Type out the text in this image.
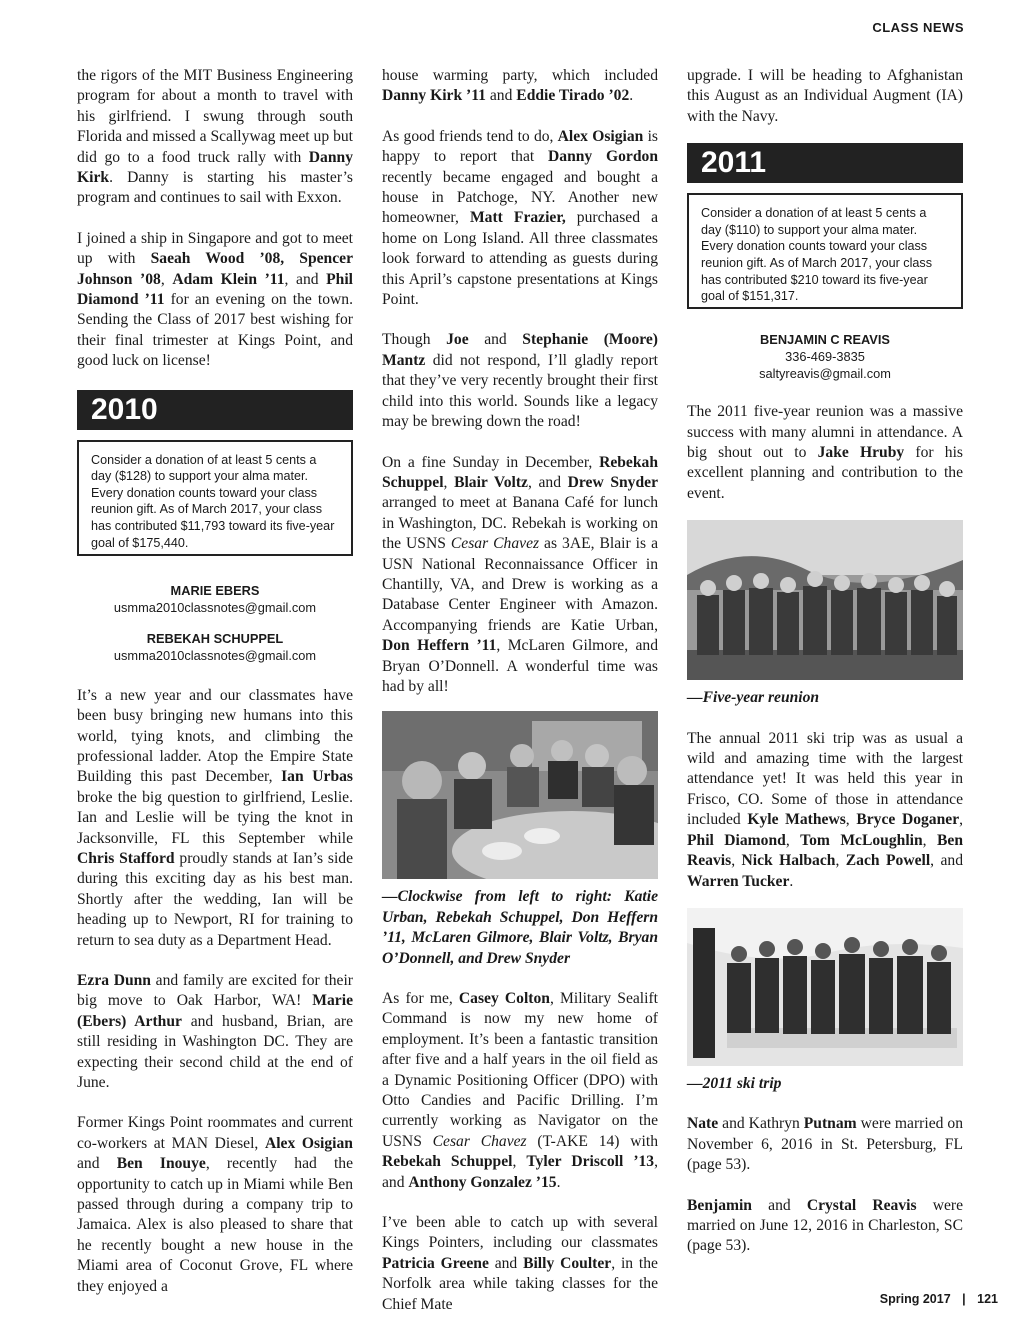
CLASS NEWS

the rigors of the MIT Business Engineering program for about a month to travel with his girlfriend. I swung through south Florida and missed a Scallywag meet up but did go to a food truck rally with Danny Kirk. Danny is starting his master’s program and continues to sail with Exxon.

I joined a ship in Singapore and got to meet up with Saeah Wood ’08, Spencer Johnson ’08, Adam Klein ’11, and Phil Diamond ’11 for an evening on the town. Sending the Class of 2017 best wishing for their final trimester at Kings Point, and good luck on license!

2010
Consider a donation of at least 5 cents a day ($128) to support your alma mater. Every donation counts toward your class reunion gift. As of March 2017, your class has contributed $11,793 toward its five-year goal of $175,440.
MARIE EBERS
usmma2010classnotes@gmail.com
REBEKAH SCHUPPEL
usmma2010classnotes@gmail.com

It’s a new year and our classmates have been busy bringing new humans into this world, tying knots, and climbing the professional ladder. Atop the Empire State Building this past December, Ian Urbas broke the big question to girlfriend, Leslie. Ian and Leslie will be tying the knot in Jacksonville, FL this September while Chris Stafford proudly stands at Ian’s side during this exciting day as his best man. Shortly after the wedding, Ian will be heading up to Newport, RI for training to return to sea duty as a Department Head.

Ezra Dunn and family are excited for their big move to Oak Harbor, WA! Marie (Ebers) Arthur and husband, Brian, are still residing in Washington DC. They are expecting their second child at the end of June.

Former Kings Point roommates and current co-workers at MAN Diesel, Alex Osigian and Ben Inouye, recently had the opportunity to catch up in Miami while Ben passed through during a company trip to Jamaica. Alex is also pleased to share that he recently bought a new house in the Miami area of Coconut Grove, FL where they enjoyed a

house warming party, which included Danny Kirk ’11 and Eddie Tirado ’02.

As good friends tend to do, Alex Osigian is happy to report that Danny Gordon recently became engaged and bought a house in Patchoge, NY. Another new homeowner, Matt Frazier, purchased a home on Long Island. All three classmates look forward to attending as guests during this April’s capstone presentations at Kings Point.

Though Joe and Stephanie (Moore) Mantz did not respond, I’ll gladly report that they’ve very recently brought their first child into this world. Sounds like a legacy may be brewing down the road!

On a fine Sunday in December, Rebekah Schuppel, Blair Voltz, and Drew Snyder arranged to meet at Banana Café for lunch in Washington, DC. Rebekah is working on the USNS Cesar Chavez as 3AE, Blair is a USN National Reconnaissance Officer in Chantilly, VA, and Drew is working as a Database Center Engineer with Amazon. Accompanying friends are Katie Urban, Don Heffern ’11, McLaren Gilmore, and Bryan O’Donnell. A wonderful time was had by all!

—Clockwise from left to right: Katie Urban, Rebekah Schuppel, Don Heffern ’11, McLaren Gilmore, Blair Voltz, Bryan O’Donnell, and Drew Snyder

As for me, Casey Colton, Military Sealift Command is now my new home of employment. It’s been a fantastic transition after five and a half years in the oil field as a Dynamic Positioning Officer (DPO) with Otto Candies and Pacific Drilling. I’m currently working as Navigator on the USNS Cesar Chavez (T-AKE 14) with Rebekah Schuppel, Tyler Driscoll ’13, and Anthony Gonzalez ’15.

I’ve been able to catch up with several Kings Pointers, including our classmates Patricia Greene and Billy Coulter, in the Norfolk area while taking classes for the Chief Mate

upgrade. I will be heading to Afghanistan this August as an Individual Augment (IA) with the Navy.

2011
Consider a donation of at least 5 cents a day ($110) to support your alma mater. Every donation counts toward your class reunion gift. As of March 2017, your class has contributed $210 toward its five-year goal of $151,317.
BENJAMIN C REAVIS
336-469-3835
saltyreavis@gmail.com

The 2011 five-year reunion was a massive success with many alumni in attendance. A big shout out to Jake Hruby for his excellent planning and contribution to the event.

—Five-year reunion

The annual 2011 ski trip was as usual a wild and amazing time with the largest attendance yet! It was held this year in Frisco, CO. Some of those in attendance included Kyle Mathews, Bryce Doganer, Phil Diamond, Tom McLoughlin, Ben Reavis, Nick Halbach, Zach Powell, and Warren Tucker.

—2011 ski trip

Nate and Kathryn Putnam were married on November 6, 2016 in St. Petersburg, FL (page 53).

Benjamin and Crystal Reavis were married on June 12, 2016 in Charleston, SC (page 53).

Spring 2017 | 121
